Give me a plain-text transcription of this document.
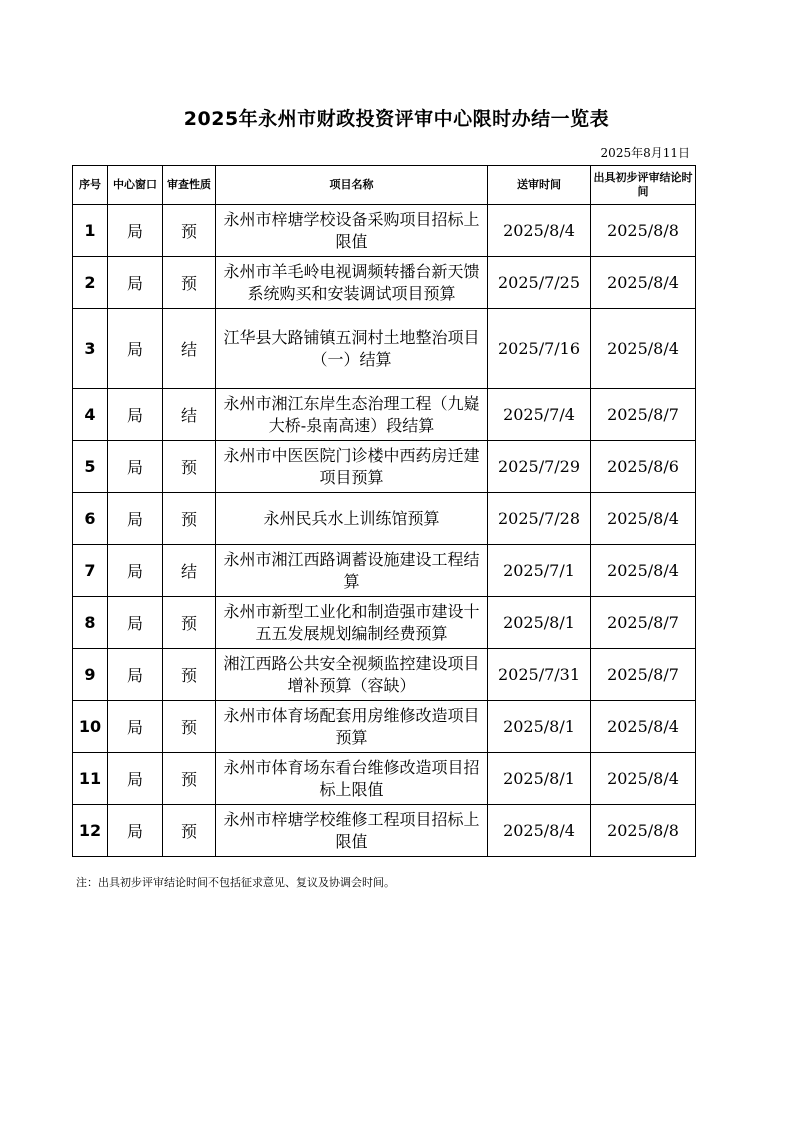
2025年永州市财政投资评审中心限时办结一览表
2025年8月11日
序号	中心窗口	审查性质	项目名称	送审时间	出具初步评审结论时间
1	局	预	永州市梓塘学校设备采购项目招标上限值	2025/8/4	2025/8/8
2	局	预	永州市羊毛岭电视调频转播台新天馈系统购买和安装调试项目预算	2025/7/25	2025/8/4
3	局	结	江华县大路铺镇五洞村土地整治项目（一）结算	2025/7/16	2025/8/4
4	局	结	永州市湘江东岸生态治理工程（九嶷大桥-泉南高速）段结算	2025/7/4	2025/8/7
5	局	预	永州市中医医院门诊楼中西药房迁建项目预算	2025/7/29	2025/8/6
6	局	预	永州民兵水上训练馆预算	2025/7/28	2025/8/4
7	局	结	永州市湘江西路调蓄设施建设工程结算	2025/7/1	2025/8/4
8	局	预	永州市新型工业化和制造强市建设十五五发展规划编制经费预算	2025/8/1	2025/8/7
9	局	预	湘江西路公共安全视频监控建设项目增补预算（容缺）	2025/7/31	2025/8/7
10	局	预	永州市体育场配套用房维修改造项目预算	2025/8/1	2025/8/4
11	局	预	永州市体育场东看台维修改造项目招标上限值	2025/8/1	2025/8/4
12	局	预	永州市梓塘学校维修工程项目招标上限值	2025/8/4	2025/8/8
注：出具初步评审结论时间不包括征求意见、复议及协调会时间。
